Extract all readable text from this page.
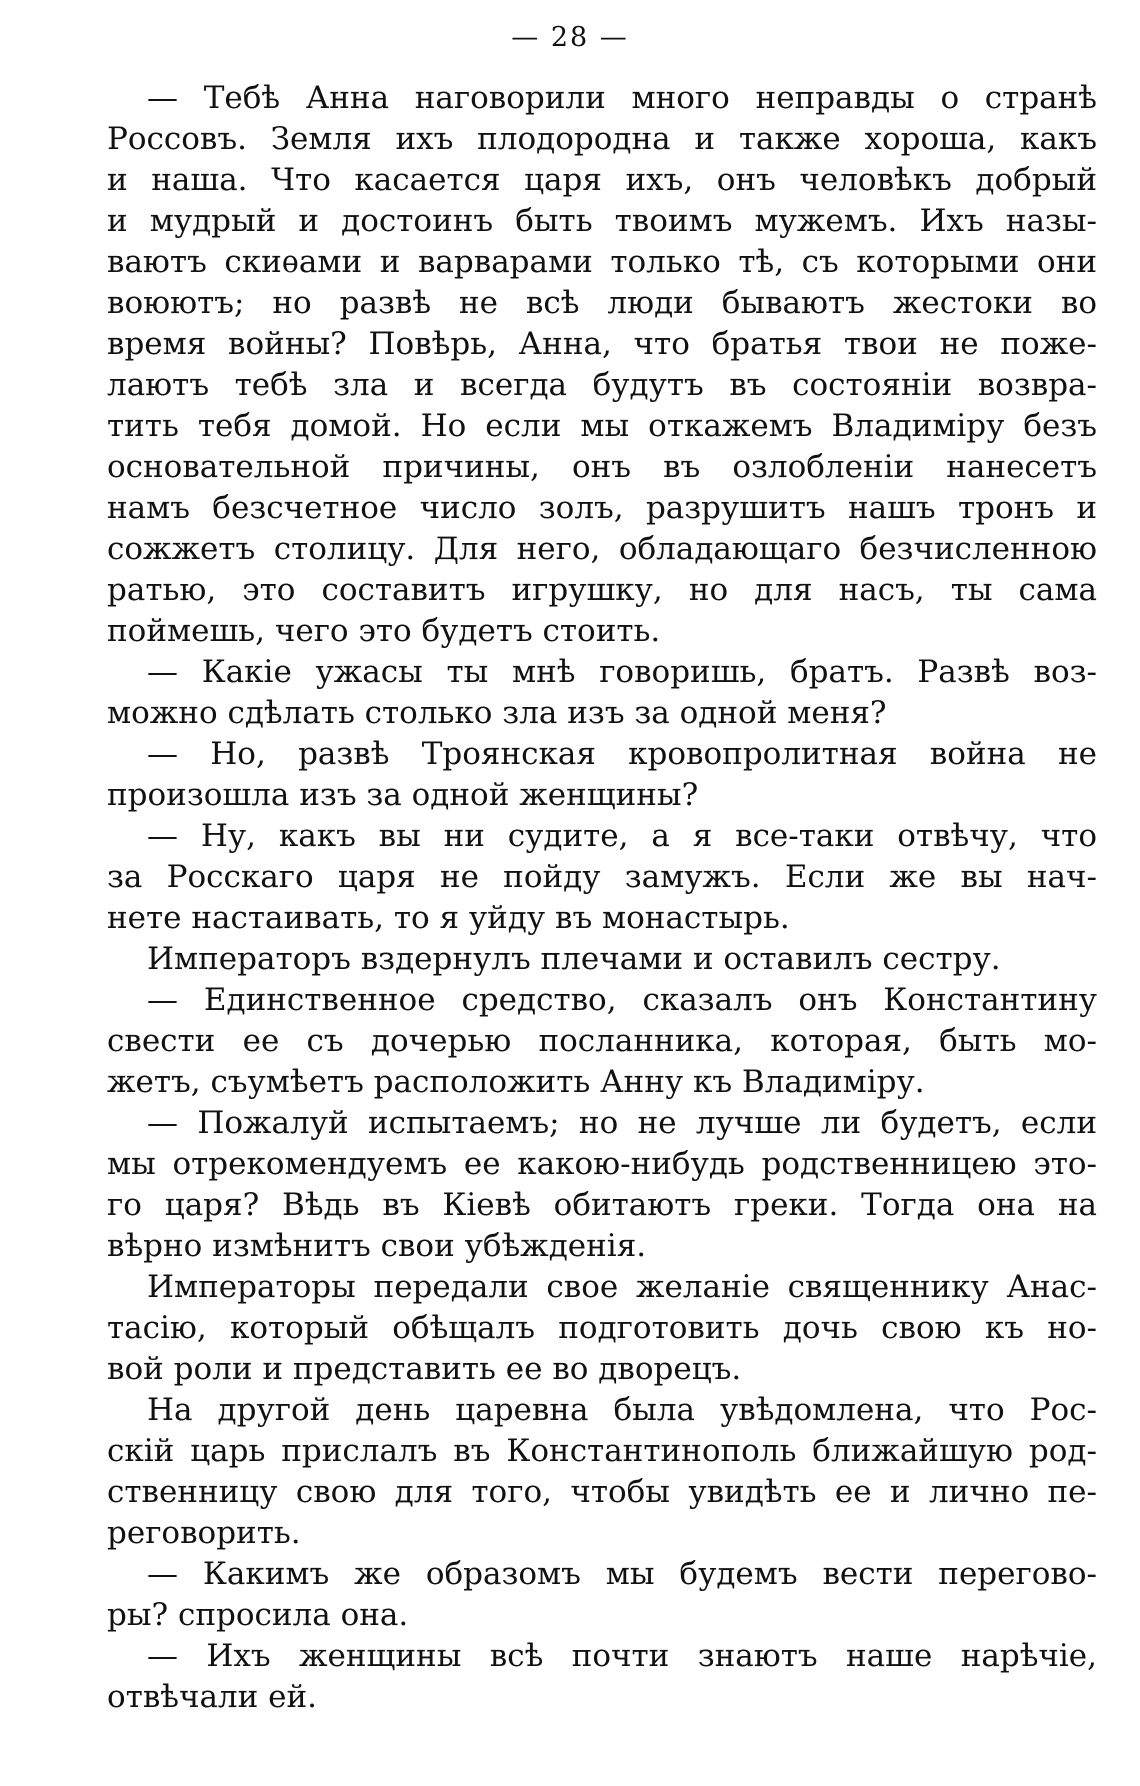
— 28 —
— Тебѣ Анна наговорили много неправды о странѣ
Россовъ. Земля ихъ плодородна и также хороша, какъ
и наша. Что касается царя ихъ, онъ человѣкъ добрый
и мудрый и достоинъ быть твоимъ мужемъ. Ихъ назы-
ваютъ скиѳами и варварами только тѣ, съ которыми они
воюютъ; но развѣ не всѣ люди бываютъ жестоки во
время войны? Повѣрь, Анна, что братья твои не поже-
лаютъ тебѣ зла и всегда будутъ въ состояніи возвра-
тить тебя домой. Но если мы откажемъ Владиміру безъ
основательной причины, онъ въ озлобленіи нанесетъ
намъ безсчетное число золъ, разрушитъ нашъ тронъ и
сожжетъ столицу. Для него, обладающаго безчисленною
ратью, это составитъ игрушку, но для насъ, ты сама
поймешь, чего это будетъ стоить.
— Какіе ужасы ты мнѣ говоришь, братъ. Развѣ воз-
можно сдѣлать столько зла изъ за одной меня?
— Но, развѣ Троянская кровопролитная война не
произошла изъ за одной женщины?
— Ну, какъ вы ни судите, а я все-таки отвѣчу, что
за Росскаго царя не пойду замужъ. Если же вы нач-
нете настаивать, то я уйду въ монастырь.
Императоръ вздернулъ плечами и оставилъ сестру.
— Единственное средство, сказалъ онъ Константину
свести ее съ дочерью посланника, которая, быть мо-
жетъ, съумѣетъ расположить Анну къ Владиміру.
— Пожалуй испытаемъ; но не лучше ли будетъ, если
мы отрекомендуемъ ее какою-нибудь родственницею это-
го царя? Вѣдь въ Кіевѣ обитаютъ греки. Тогда она на
вѣрно измѣнитъ свои убѣжденія.
Императоры передали свое желаніе священнику Анас-
тасію, который обѣщалъ подготовить дочь свою къ но-
вой роли и представить ее во дворецъ.
На другой день царевна была увѣдомлена, что Рос-
скій царь прислалъ въ Константинополь ближайшую род-
ственницу свою для того, чтобы увидѣть ее и лично пе-
реговорить.
— Какимъ же образомъ мы будемъ вести перегово-
ры? спросила она.
— Ихъ женщины всѣ почти знаютъ наше нарѣчіе,
отвѣчали ей.
